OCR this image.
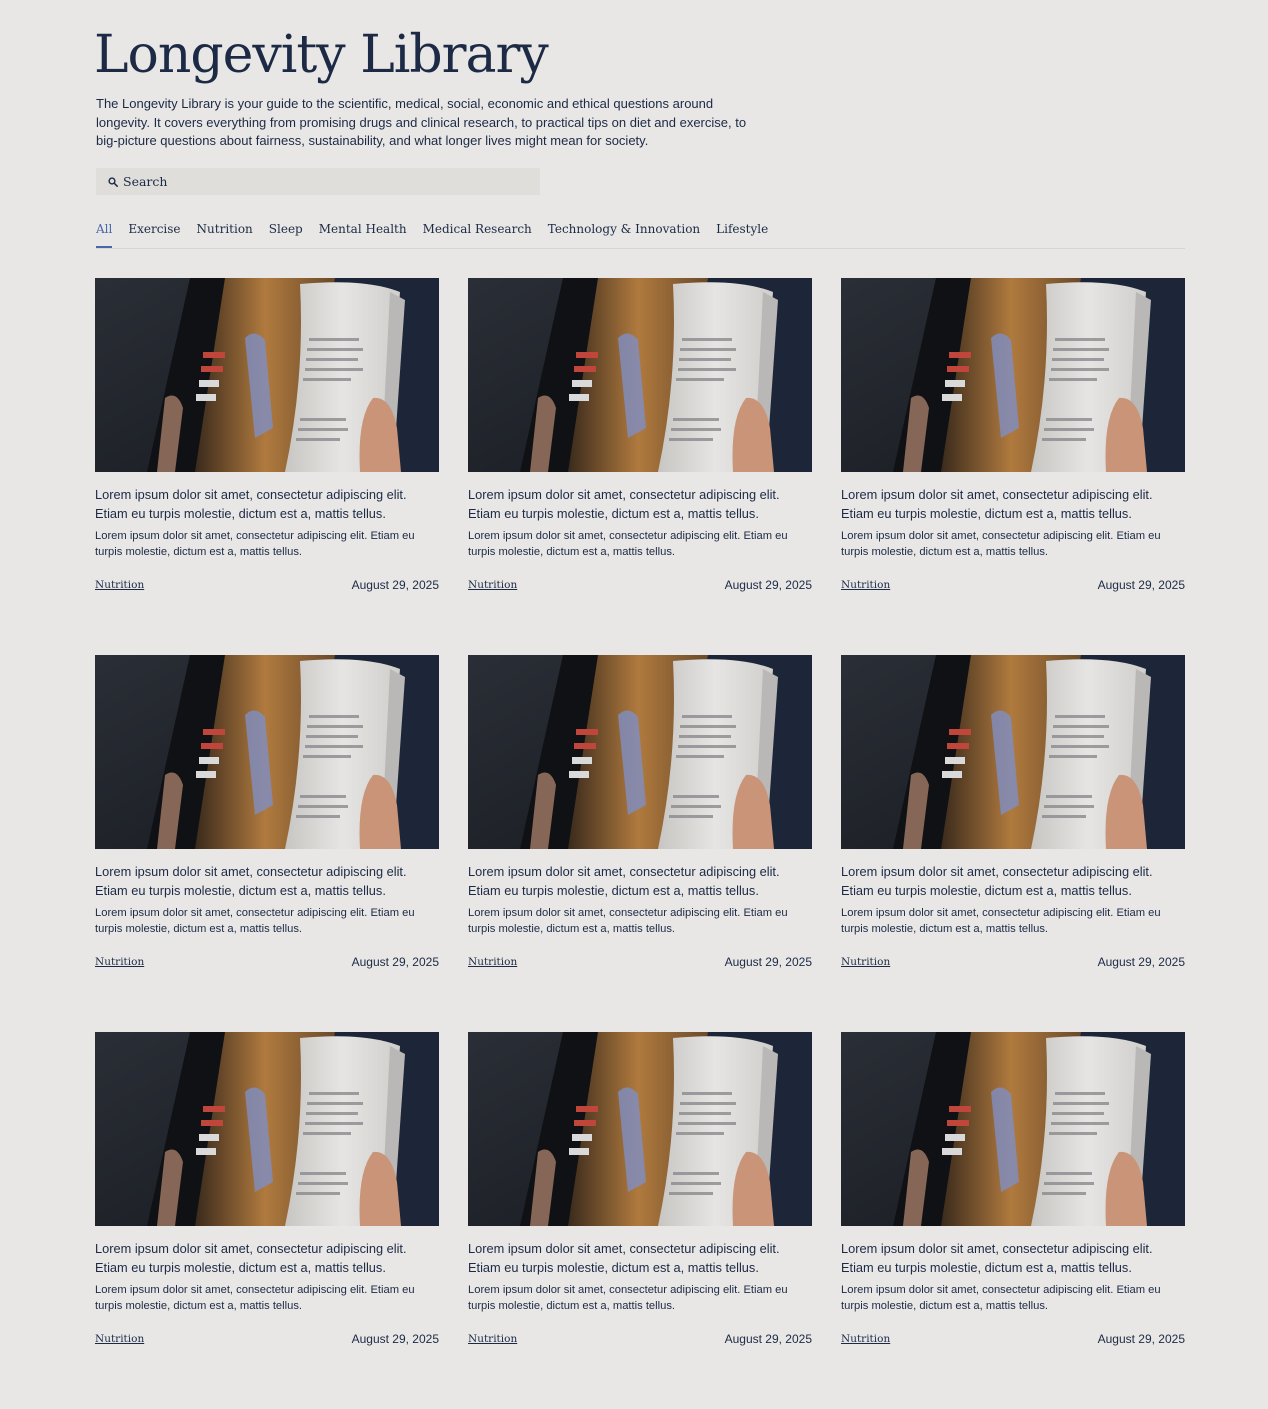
Longevity Library

The Longevity Library is your guide to the scientific, medical, social, economic and ethical questions around longevity. It covers everything from promising drugs and clinical research, to practical tips on diet and exercise, to big-picture questions about fairness, sustainability, and what longer lives might mean for society.

Search
All Exercise Nutrition Sleep Mental Health Medical Research Technology & Innovation Lifestyle

Lorem ipsum dolor sit amet, consectetur adipiscing elit. Etiam eu turpis molestie, dictum est a, mattis tellus.

Lorem ipsum dolor sit amet, consectetur adipiscing elit. Etiam eu turpis molestie, dictum est a, mattis tellus.

Nutrition	August 29, 2025

Lorem ipsum dolor sit amet, consectetur adipiscing elit. Etiam eu turpis molestie, dictum est a, mattis tellus.

Lorem ipsum dolor sit amet, consectetur adipiscing elit. Etiam eu turpis molestie, dictum est a, mattis tellus.

Nutrition	August 29, 2025

Lorem ipsum dolor sit amet, consectetur adipiscing elit. Etiam eu turpis molestie, dictum est a, mattis tellus.

Lorem ipsum dolor sit amet, consectetur adipiscing elit. Etiam eu turpis molestie, dictum est a, mattis tellus.

Nutrition	August 29, 2025

Lorem ipsum dolor sit amet, consectetur adipiscing elit. Etiam eu turpis molestie, dictum est a, mattis tellus.

Lorem ipsum dolor sit amet, consectetur adipiscing elit. Etiam eu turpis molestie, dictum est a, mattis tellus.

Nutrition	August 29, 2025

Lorem ipsum dolor sit amet, consectetur adipiscing elit. Etiam eu turpis molestie, dictum est a, mattis tellus.

Lorem ipsum dolor sit amet, consectetur adipiscing elit. Etiam eu turpis molestie, dictum est a, mattis tellus.

Nutrition	August 29, 2025

Lorem ipsum dolor sit amet, consectetur adipiscing elit. Etiam eu turpis molestie, dictum est a, mattis tellus.

Lorem ipsum dolor sit amet, consectetur adipiscing elit. Etiam eu turpis molestie, dictum est a, mattis tellus.

Nutrition	August 29, 2025

Lorem ipsum dolor sit amet, consectetur adipiscing elit. Etiam eu turpis molestie, dictum est a, mattis tellus.

Lorem ipsum dolor sit amet, consectetur adipiscing elit. Etiam eu turpis molestie, dictum est a, mattis tellus.

Nutrition	August 29, 2025

Lorem ipsum dolor sit amet, consectetur adipiscing elit. Etiam eu turpis molestie, dictum est a, mattis tellus.

Lorem ipsum dolor sit amet, consectetur adipiscing elit. Etiam eu turpis molestie, dictum est a, mattis tellus.

Nutrition	August 29, 2025

Lorem ipsum dolor sit amet, consectetur adipiscing elit. Etiam eu turpis molestie, dictum est a, mattis tellus.

Lorem ipsum dolor sit amet, consectetur adipiscing elit. Etiam eu turpis molestie, dictum est a, mattis tellus.

Nutrition	August 29, 2025
